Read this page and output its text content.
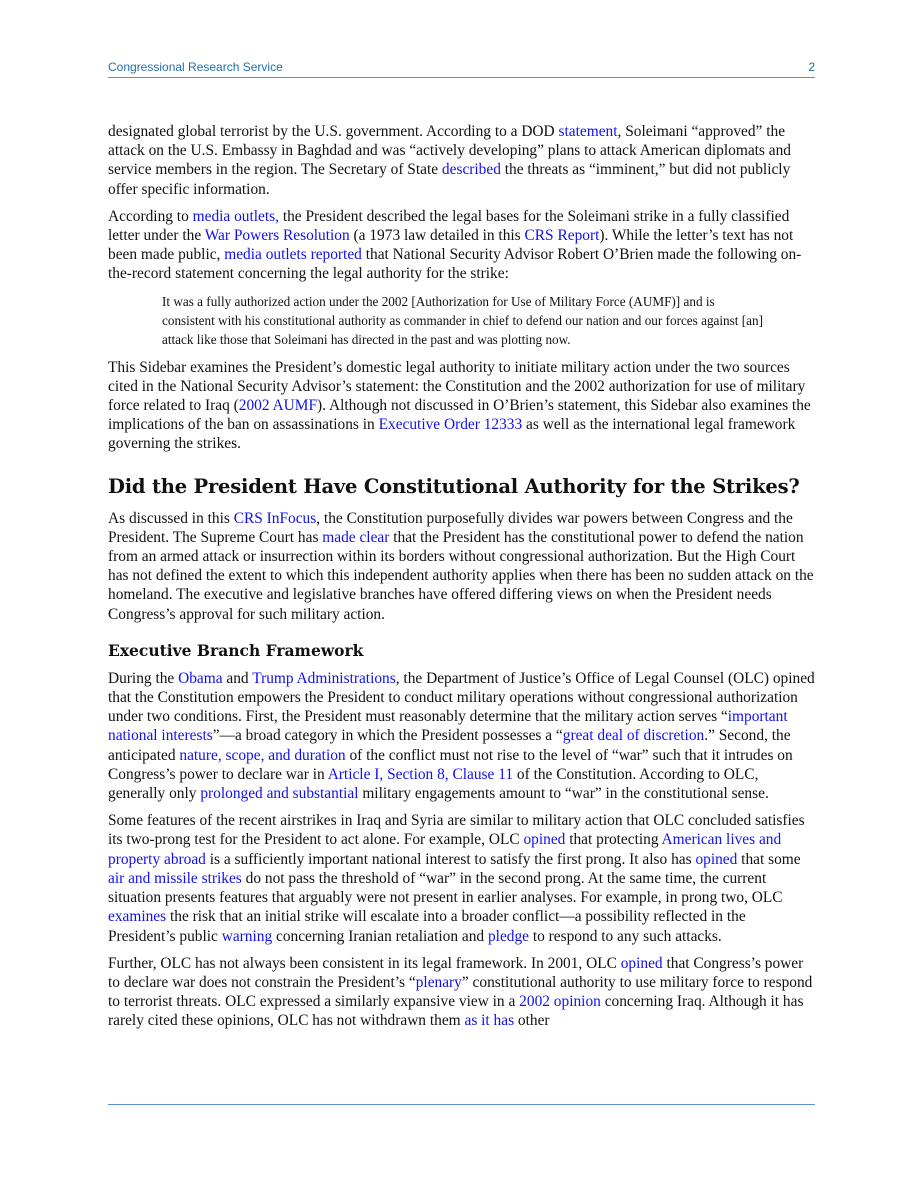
Congressional Research Service	2

designated global terrorist by the U.S. government. According to a DOD statement, Soleimani “approved” the attack on the U.S. Embassy in Baghdad and was “actively developing” plans to attack American diplomats and service members in the region. The Secretary of State described the threats as “imminent,” but did not publicly offer specific information.

According to media outlets, the President described the legal bases for the Soleimani strike in a fully classified letter under the War Powers Resolution (a 1973 law detailed in this CRS Report). While the letter’s text has not been made public, media outlets reported that National Security Advisor Robert O’Brien made the following on-the-record statement concerning the legal authority for the strike:

It was a fully authorized action under the 2002 [Authorization for Use of Military Force (AUMF)] and is consistent with his constitutional authority as commander in chief to defend our nation and our forces against [an] attack like those that Soleimani has directed in the past and was plotting now.

This Sidebar examines the President’s domestic legal authority to initiate military action under the two sources cited in the National Security Advisor’s statement: the Constitution and the 2002 authorization for use of military force related to Iraq (2002 AUMF). Although not discussed in O’Brien’s statement, this Sidebar also examines the implications of the ban on assassinations in Executive Order 12333 as well as the international legal framework governing the strikes.

Did the President Have Constitutional Authority for the Strikes?

As discussed in this CRS InFocus, the Constitution purposefully divides war powers between Congress and the President. The Supreme Court has made clear that the President has the constitutional power to defend the nation from an armed attack or insurrection within its borders without congressional authorization. But the High Court has not defined the extent to which this independent authority applies when there has been no sudden attack on the homeland. The executive and legislative branches have offered differing views on when the President needs Congress’s approval for such military action.

Executive Branch Framework

During the Obama and Trump Administrations, the Department of Justice’s Office of Legal Counsel (OLC) opined that the Constitution empowers the President to conduct military operations without congressional authorization under two conditions. First, the President must reasonably determine that the military action serves “important national interests”—a broad category in which the President possesses a “great deal of discretion.” Second, the anticipated nature, scope, and duration of the conflict must not rise to the level of “war” such that it intrudes on Congress’s power to declare war in Article I, Section 8, Clause 11 of the Constitution. According to OLC, generally only prolonged and substantial military engagements amount to “war” in the constitutional sense.

Some features of the recent airstrikes in Iraq and Syria are similar to military action that OLC concluded satisfies its two-prong test for the President to act alone. For example, OLC opined that protecting American lives and property abroad is a sufficiently important national interest to satisfy the first prong. It also has opined that some air and missile strikes do not pass the threshold of “war” in the second prong. At the same time, the current situation presents features that arguably were not present in earlier analyses. For example, in prong two, OLC examines the risk that an initial strike will escalate into a broader conflict—a possibility reflected in the President’s public warning concerning Iranian retaliation and pledge to respond to any such attacks.

Further, OLC has not always been consistent in its legal framework. In 2001, OLC opined that Congress’s power to declare war does not constrain the President’s “plenary” constitutional authority to use military force to respond to terrorist threats. OLC expressed a similarly expansive view in a 2002 opinion concerning Iraq. Although it has rarely cited these opinions, OLC has not withdrawn them as it has other
